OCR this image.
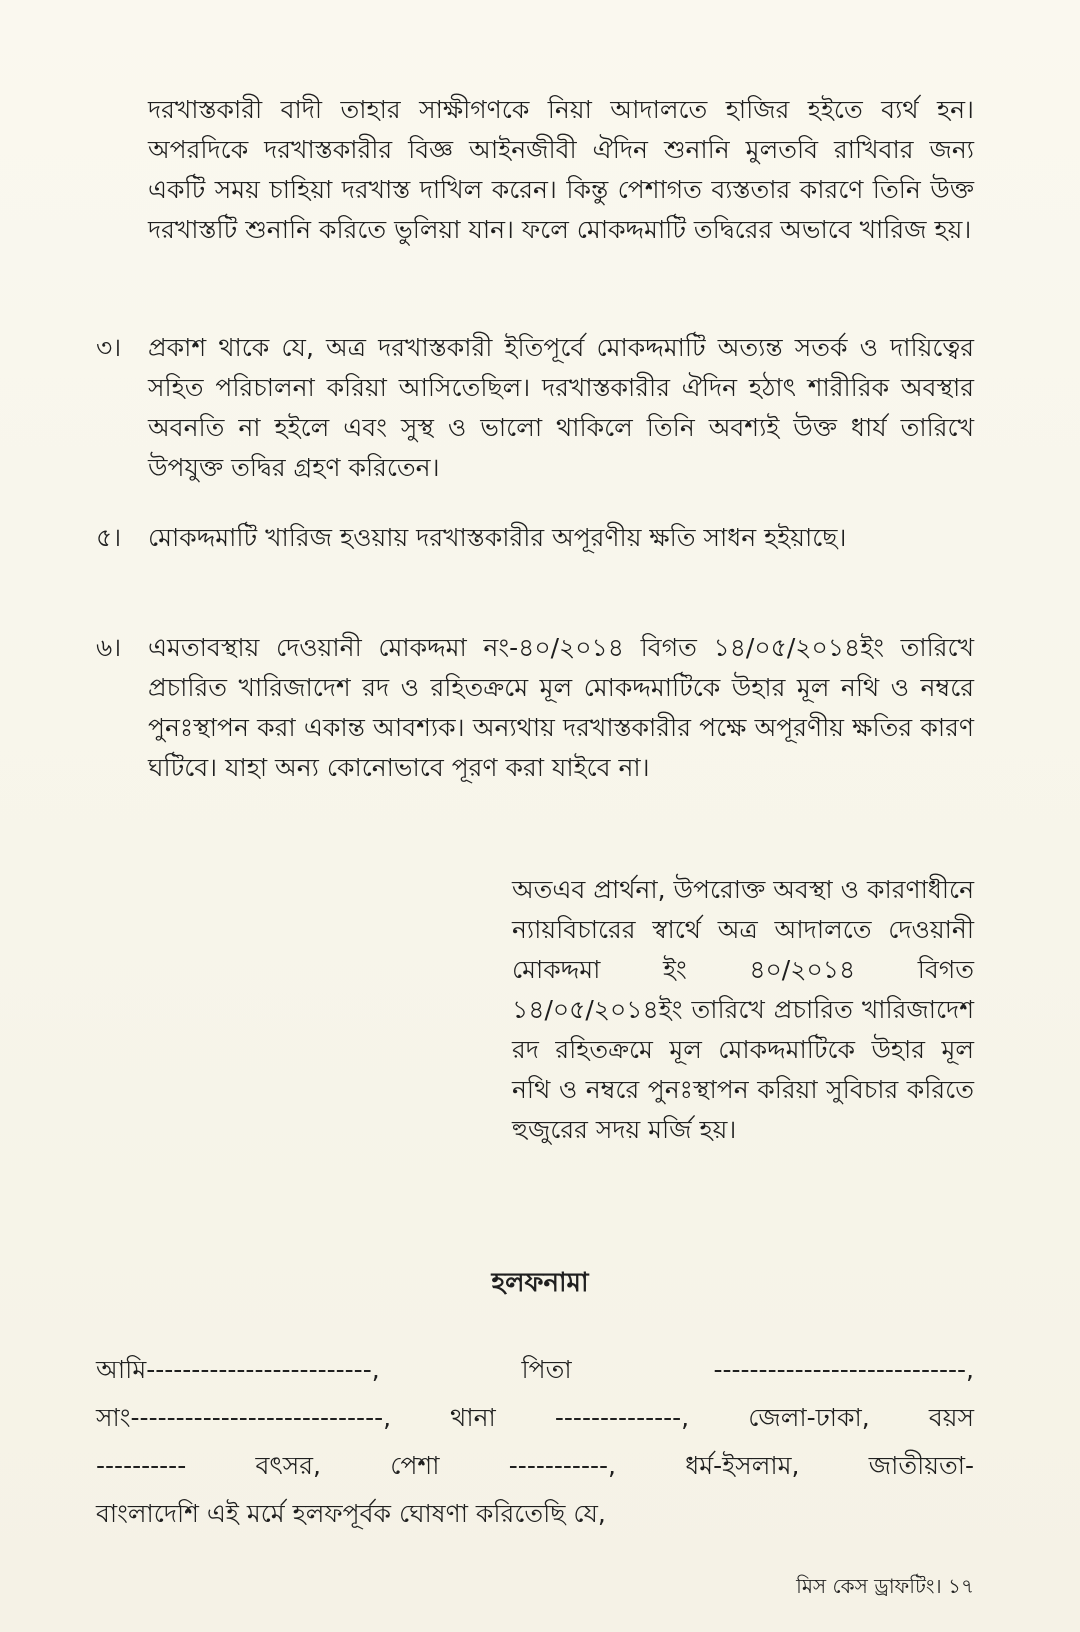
দরখাস্তকারী বাদী তাহার সাক্ষীগণকে নিয়া আদালতে হাজির হইতে ব্যর্থ হন। অপরদিকে দরখাস্তকারীর বিজ্ঞ আইনজীবী ঐদিন শুনানি মুলতবি রাখিবার জন্য একটি সময় চাহিয়া দরখাস্ত দাখিল করেন। কিন্তু পেশাগত ব্যস্ততার কারণে তিনি উক্ত দরখাস্তটি শুনানি করিতে ভুলিয়া যান। ফলে মোকদ্দমাটি তদ্বিরের অভাবে খারিজ হয়।
৩।	প্রকাশ থাকে যে, অত্র দরখাস্তকারী ইতিপূর্বে মোকদ্দমাটি অত্যন্ত সতর্ক ও দায়িত্বের সহিত পরিচালনা করিয়া আসিতেছিল। দরখাস্তকারীর ঐদিন হঠাৎ শারীরিক অবস্থার অবনতি না হইলে এবং সুস্থ ও ভালো থাকিলে তিনি অবশ্যই উক্ত ধার্য তারিখে উপযুক্ত তদ্বির গ্রহণ করিতেন।
৫।	মোকদ্দমাটি খারিজ হওয়ায় দরখাস্তকারীর অপূরণীয় ক্ষতি সাধন হইয়াছে।
৬।	এমতাবস্থায় দেওয়ানী মোকদ্দমা নং-৪০/২০১৪ বিগত ১৪/০৫/২০১৪ইং তারিখে প্রচারিত খারিজাদেশ রদ ও রহিতক্রমে মূল মোকদ্দমাটিকে উহার মূল নথি ও নম্বরে পুনঃস্থাপন করা একান্ত আবশ্যক। অন্যথায় দরখাস্তকারীর পক্ষে অপূরণীয় ক্ষতির কারণ ঘটিবে। যাহা অন্য কোনোভাবে পূরণ করা যাইবে না।
অতএব প্রার্থনা, উপরোক্ত অবস্থা ও কারণাধীনে ন্যায়বিচারের স্বার্থে অত্র আদালতে দেওয়ানী মোকদ্দমা ইং ৪০/২০১৪ বিগত ১৪/০৫/২০১৪ইং তারিখে প্রচারিত খারিজাদেশ রদ রহিতক্রমে মূল মোকদ্দমাটিকে উহার মূল নথি ও নম্বরে পুনঃস্থাপন করিয়া সুবিচার করিতে হুজুরের সদয় মর্জি হয়।
হলফনামা
আমি-------------------------, পিতা ----------------------------,
সাং----------------------------, থানা --------------, জেলা-ঢাকা, বয়স
---------- বৎসর, পেশা -----------, ধর্ম-ইসলাম, জাতীয়তা-
বাংলাদেশি এই মর্মে হলফপূর্বক ঘোষণা করিতেছি যে,
মিস কেস ড্রাফটিং। ১৭
